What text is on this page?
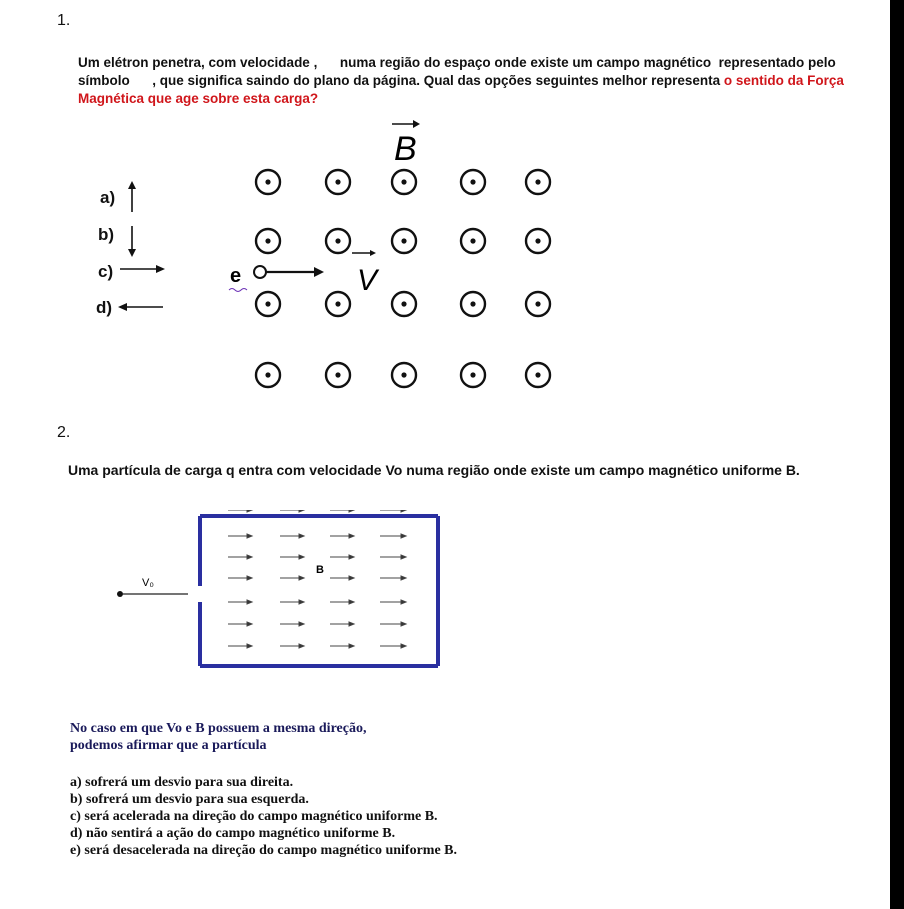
1.
Um elétron penetra, com velocidade ,      numa região do espaço onde existe um campo magnético  representado pelo
símbolo      , que significa saindo do plano da página. Qual das opções seguintes melhor representa o sentido da Força
Magnética que age sobre esta carga?
a)
b)
c)
d)
B
e	V
2.
Uma partícula de carga q entra com velocidade Vo numa região onde existe um campo magnético uniforme B.
V₀
B
No caso em que Vo e B possuem a mesma direção,
podemos afirmar que a partícula
a) sofrerá um desvio para sua direita.
b) sofrerá um desvio para sua esquerda.
c) será acelerada na direção do campo magnético uniforme B.
d) não sentirá a ação do campo magnético uniforme B.
e) será desacelerada na direção do campo magnético uniforme B.
